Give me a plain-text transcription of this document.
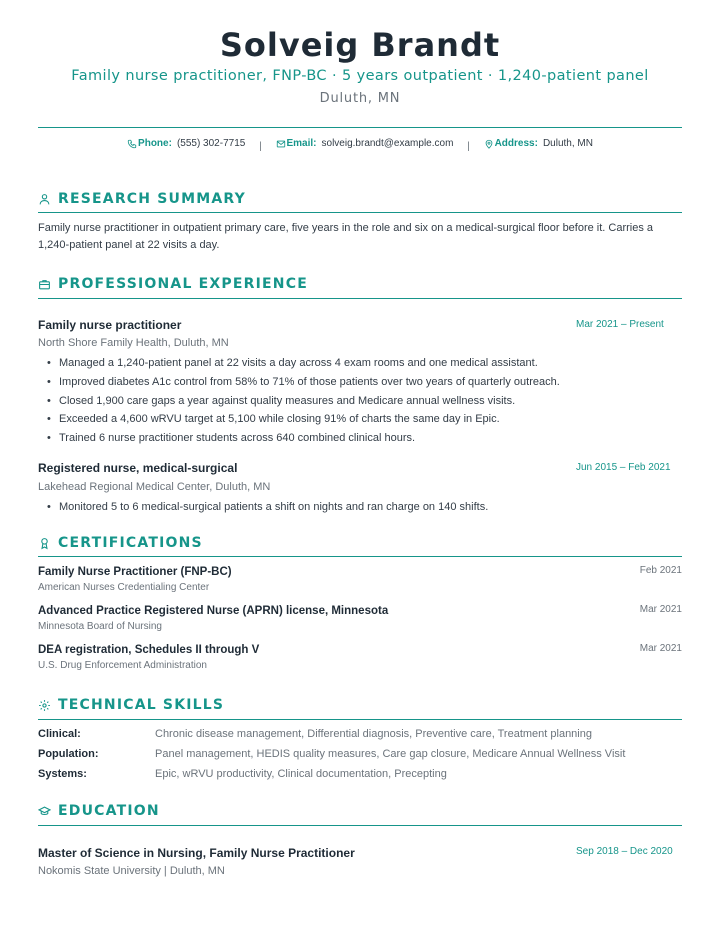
Solveig Brandt
Family nurse practitioner, FNP-BC · 5 years outpatient · 1,240-patient panel
Duluth, MN
Phone: (555) 302-7715 | Email: solveig.brandt@example.com | Address: Duluth, MN
RESEARCH SUMMARY
Family nurse practitioner in outpatient primary care, five years in the role and six on a medical-surgical floor before it. Carries a 1,240-patient panel at 22 visits a day.
PROFESSIONAL EXPERIENCE
Family nurse practitioner	Mar 2021 – Present
North Shore Family Health, Duluth, MN
• Managed a 1,240-patient panel at 22 visits a day across 4 exam rooms and one medical assistant.
• Improved diabetes A1c control from 58% to 71% of those patients over two years of quarterly outreach.
• Closed 1,900 care gaps a year against quality measures and Medicare annual wellness visits.
• Exceeded a 4,600 wRVU target at 5,100 while closing 91% of charts the same day in Epic.
• Trained 6 nurse practitioner students across 640 combined clinical hours.
Registered nurse, medical-surgical	Jun 2015 – Feb 2021
Lakehead Regional Medical Center, Duluth, MN
• Monitored 5 to 6 medical-surgical patients a shift on nights and ran charge on 140 shifts.
CERTIFICATIONS
Family Nurse Practitioner (FNP-BC)	Feb 2021
American Nurses Credentialing Center
Advanced Practice Registered Nurse (APRN) license, Minnesota	Mar 2021
Minnesota Board of Nursing
DEA registration, Schedules II through V	Mar 2021
U.S. Drug Enforcement Administration
TECHNICAL SKILLS
Clinical:	Chronic disease management, Differential diagnosis, Preventive care, Treatment planning
Population:	Panel management, HEDIS quality measures, Care gap closure, Medicare Annual Wellness Visit
Systems:	Epic, wRVU productivity, Clinical documentation, Precepting
EDUCATION
Master of Science in Nursing, Family Nurse Practitioner	Sep 2018 – Dec 2020
Nokomis State University | Duluth, MN
